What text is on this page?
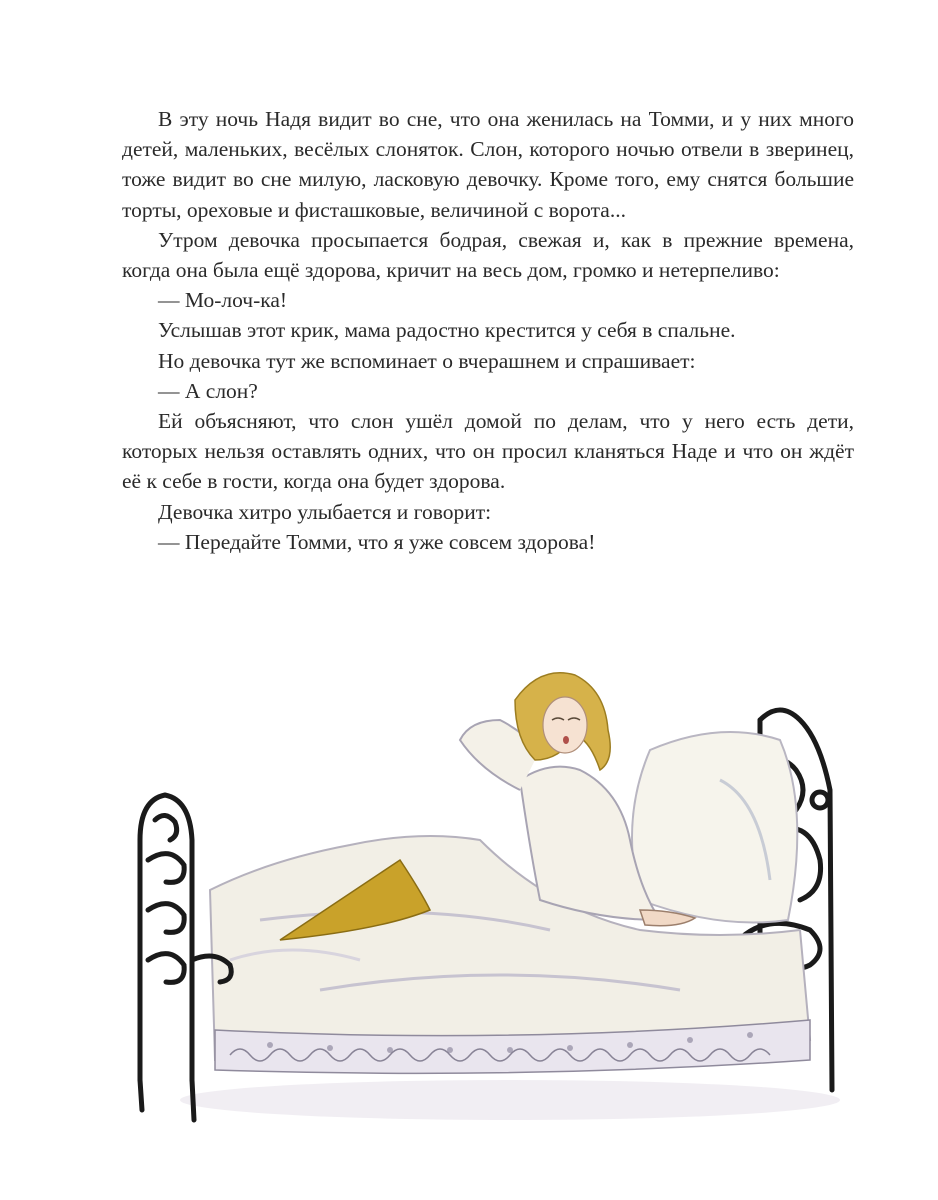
В эту ночь Надя видит во сне, что она женилась на Томми, и у них много детей, маленьких, весёлых слоняток. Слон, которого ночью отвели в зверинец, тоже видит во сне милую, ласковую девочку. Кроме того, ему снятся большие торты, ореховые и фисташковые, величиной с ворота...

Утром девочка просыпается бодрая, свежая и, как в прежние времена, когда она была ещё здорова, кричит на весь дом, громко и нетерпеливо:

— Мо-лоч-ка!

Услышав этот крик, мама радостно крестится у себя в спальне.

Но девочка тут же вспоминает о вчерашнем и спрашивает:

— А слон?

Ей объясняют, что слон ушёл домой по делам, что у него есть дети, которых нельзя оставлять одних, что он просил кланяться Наде и что он ждёт её к себе в гости, когда она будет здорова.

Девочка хитро улыбается и говорит:

— Передайте Томми, что я уже совсем здорова!
